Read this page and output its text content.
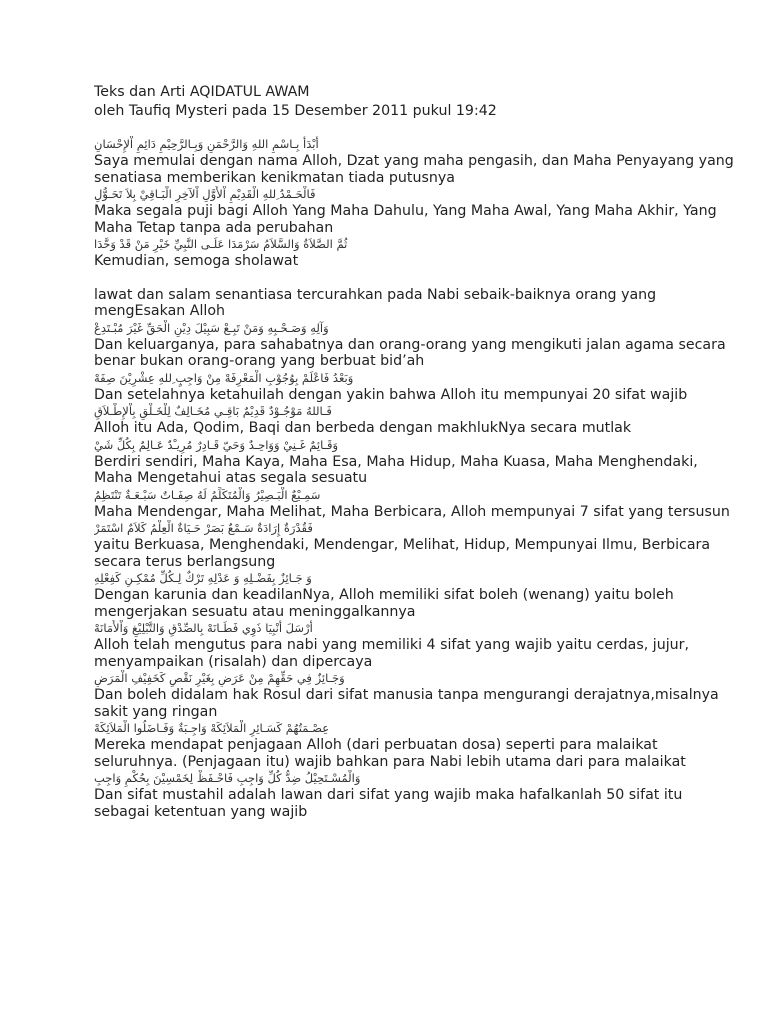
Teks dan Arti AQIDATUL AWAM
oleh Taufiq Mysteri pada 15 Desember 2011 pukul 19:42
أَبْدَأُ بِـاسْمِ اللهِ وَالرَّحْمَنِ وَبِـالرَّحِيْمِ دَائِمِ اْلإِحْسَانِ
Saya memulai dengan nama Alloh, Dzat yang maha pengasih, dan Maha Penyayang yang senatiasa memberikan kenikmatan tiada putusnya
فَالْحَـمْدُ ِللهِ الْقَدِيْمِ اْلأَوَّلِ اْلآخِرِ الْبَـاقِيْ بِلاَ تَحَـوُّلِ
Maka segala puji bagi Alloh Yang Maha Dahulu, Yang Maha Awal, Yang Maha Akhir, Yang Maha Tetap tanpa ada perubahan
ثُمَّ الصَّلاَةُ وَالسَّلاَمُ سَرْمَدَا عَلَـى النَّبِيِّ خَيْرِ مَنْ قَدْ وَحَّدَا
Kemudian, semoga sholawat
lawat dan salam senantiasa tercurahkan pada Nabi sebaik-baiknya orang yang mengEsakan Alloh
وَآلِهِ وَصَـحْـبِهِ وَمَنْ تَبِـعْ سَبِيْلَ دِيْنِ الْحَقِّ غَيْرَ مُبْـتَدِعْ
Dan keluarganya, para sahabatnya dan orang-orang yang mengikuti jalan agama secara benar bukan orang-orang yang berbuat bid’ah
وَبَعْدُ فَاعْلَمْ بِوُجُوْبِ الْمَعْرِفَهْ مِنْ وَاجِبٍ ِللهِ عِشْرِيْنَ صِفَهْ
Dan setelahnya ketahuilah dengan yakin bahwa Alloh itu mempunyai 20 sifat wajib
فَـاللهُ مَوْجُـوْدٌ قَدِيْمٌ بَاقِـي مُخَـالِفٌ لِلْخَـلْقِ بِاْلإِطْـلاَقِ
Alloh itu Ada, Qodim, Baqi dan berbeda dengan makhlukNya secara mutlak
وَقَـائِمٌ غَـنِيْ وَوَاحِـدٌ وَحَيّ قَـادِرٌ مُرِيـْدٌ عَـالِمٌ بِكُلِّ شَيْ
Berdiri sendiri, Maha Kaya, Maha Esa, Maha Hidup, Maha Kuasa, Maha Menghendaki, Maha Mengetahui atas segala sesuatu
سَمِـيْعٌ الْبَـصِيْرُ وَالْمُتَكَلِّمُ لَهُ صِفَـاتٌ سَبْـعَـةٌ تَنْتَظِمُ
Maha Mendengar, Maha Melihat, Maha Berbicara, Alloh mempunyai 7 sifat yang tersusun
فَقُدْرَةٌ إِرَادَةٌ سَـمْعٌ بَصَرْ حَـيَاةٌ الْعِلْمُ كَلاَمٌ اسْتَمَرْ
yaitu Berkuasa, Menghendaki, Mendengar, Melihat, Hidup, Mempunyai Ilmu, Berbicara secara terus berlangsung
وَ جَـائِزٌ بِفَضْـلِهِ وَ عَدْلِهِ تَرْكٌ لِـكُلِّ مُمْكِـنٍ كَفِعْلِهِ
Dengan karunia dan keadilanNya, Alloh memiliki sifat boleh (wenang) yaitu boleh mengerjakan sesuatu atau meninggalkannya
أَرْسَلَ أَنْبِيَا ذَوِي فَطَـانَهْ بِالصِّدْقِ وَالتَّبْلِيْغِ وَاْلأَمَانَهْ
Alloh telah mengutus para nabi yang memiliki 4 sifat yang wajib yaitu cerdas, jujur, menyampaikan (risalah) dan dipercaya
وَجَـائِزٌ فِي حَقِّهِمْ مِنْ عَرَضِ بِغَيْرِ نَقْصٍ كَخَفِيْفِ الْمَرَضِ
Dan boleh didalam hak Rosul dari sifat manusia tanpa mengurangi derajatnya,misalnya sakit yang ringan
عِصْـمَتُهُمْ كَسَـائِرِ الْمَلاَئِكَهْ وَاجِـبَةٌ وَفَـاضَلُوا الْمَلاَئِكَهْ
Mereka mendapat penjagaan Alloh (dari perbuatan dosa) seperti para malaikat seluruhnya. (Penjagaan itu) wajib bahkan para Nabi lebih utama dari para malaikat
وَالْمُسْـتَحِيْلُ ضِدُّ كُلِّ وَاجِبِ فَاحْـفَظْ لِخَمْسِيْنَ بِحُكْمٍ وَاجِبِ
Dan sifat mustahil adalah lawan dari sifat yang wajib maka hafalkanlah 50 sifat itu sebagai ketentuan yang wajib
